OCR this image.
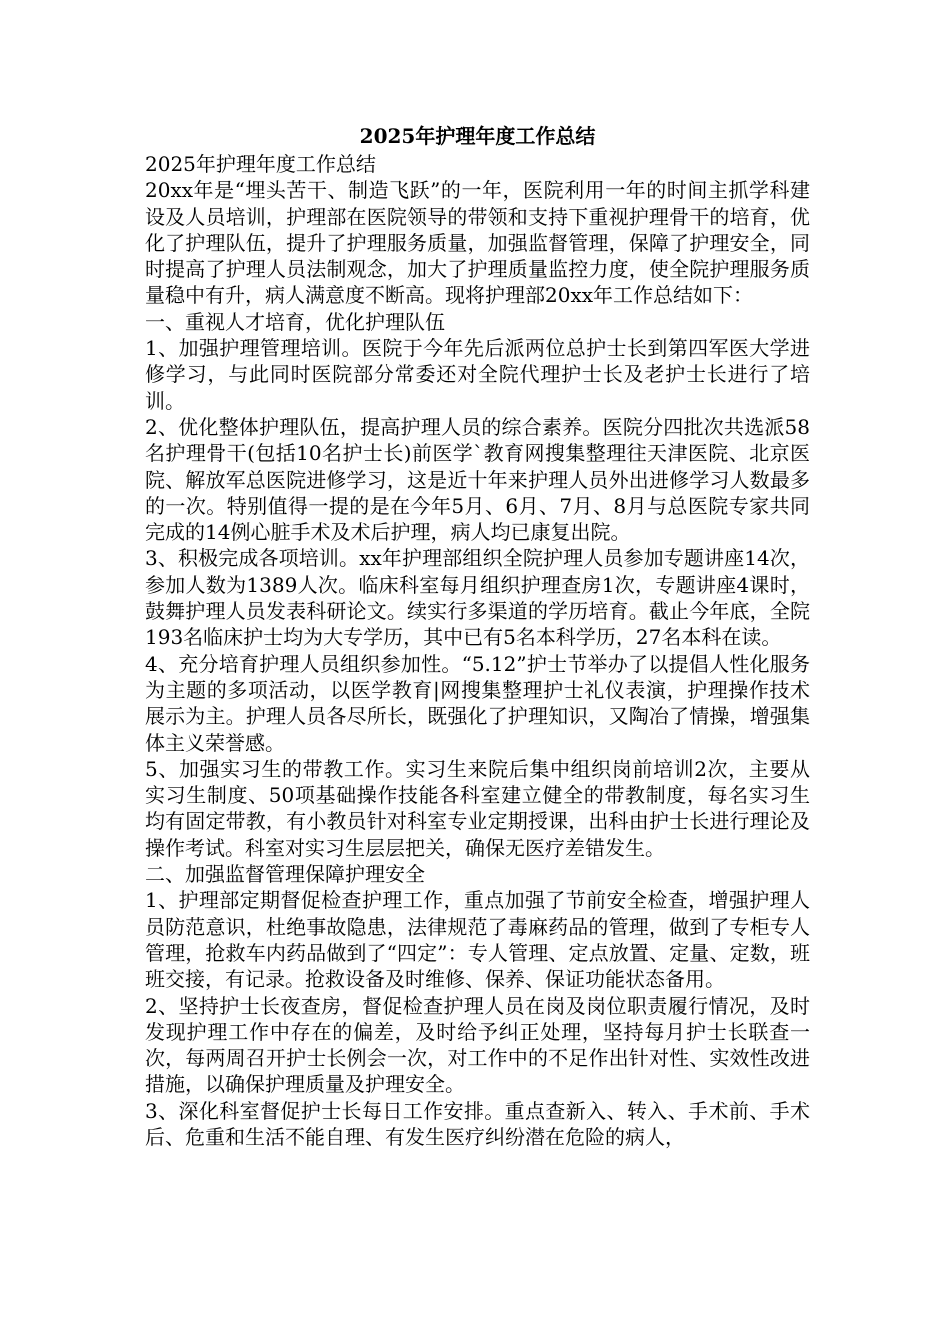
2025年护理年度工作总结

2025年护理年度工作总结

20xx年是“埋头苦干、制造飞跃”的一年，医院利用一年的时间主抓学科建设及人员培训，护理部在医院领导的带领和支持下重视护理骨干的培育，优化了护理队伍，提升了护理服务质量，加强监督管理，保障了护理安全，同时提高了护理人员法制观念，加大了护理质量监控力度，使全院护理服务质量稳中有升，病人满意度不断高。现将护理部20xx年工作总结如下：

一、重视人才培育，优化护理队伍

1、加强护理管理培训。医院于今年先后派两位总护士长到第四军医大学进修学习，与此同时医院部分常委还对全院代理护士长及老护士长进行了培训。

2、优化整体护理队伍，提高护理人员的综合素养。医院分四批次共选派58名护理骨干(包括10名护士长)前医学`教育网搜集整理往天津医院、北京医院、解放军总医院进修学习，这是近十年来护理人员外出进修学习人数最多的一次。特别值得一提的是在今年5月、6月、7月、8月与总医院专家共同完成的14例心脏手术及术后护理，病人均已康复出院。

3、积极完成各项培训。xx年护理部组织全院护理人员参加专题讲座14次，参加人数为1389人次。临床科室每月组织护理查房1次，专题讲座4课时，鼓舞护理人员发表科研论文。续实行多渠道的学历培育。截止今年底，全院193名临床护士均为大专学历，其中已有5名本科学历，27名本科在读。

4、充分培育护理人员组织参加性。“5.12”护士节举办了以提倡人性化服务为主题的多项活动，以医学教育|网搜集整理护士礼仪表演，护理操作技术展示为主。护理人员各尽所长，既强化了护理知识，又陶冶了情操，增强集体主义荣誉感。

5、加强实习生的带教工作。实习生来院后集中组织岗前培训2次，主要从实习生制度、50项基础操作技能各科室建立健全的带教制度，每名实习生均有固定带教，有小教员针对科室专业定期授课，出科由护士长进行理论及操作考试。科室对实习生层层把关，确保无医疗差错发生。

二、加强监督管理保障护理安全

1、护理部定期督促检查护理工作，重点加强了节前安全检查，增强护理人员防范意识，杜绝事故隐患，法律规范了毒麻药品的管理，做到了专柜专人管理，抢救车内药品做到了“四定”：专人管理、定点放置、定量、定数，班班交接，有记录。抢救设备及时维修、保养、保证功能状态备用。

2、坚持护士长夜查房，督促检查护理人员在岗及岗位职责履行情况，及时发现护理工作中存在的偏差，及时给予纠正处理，坚持每月护士长联查一次，每两周召开护士长例会一次，对工作中的不足作出针对性、实效性改进措施，以确保护理质量及护理安全。

3、深化科室督促护士长每日工作安排。重点查新入、转入、手术前、手术后、危重和生活不能自理、有发生医疗纠纷潜在危险的病人，
